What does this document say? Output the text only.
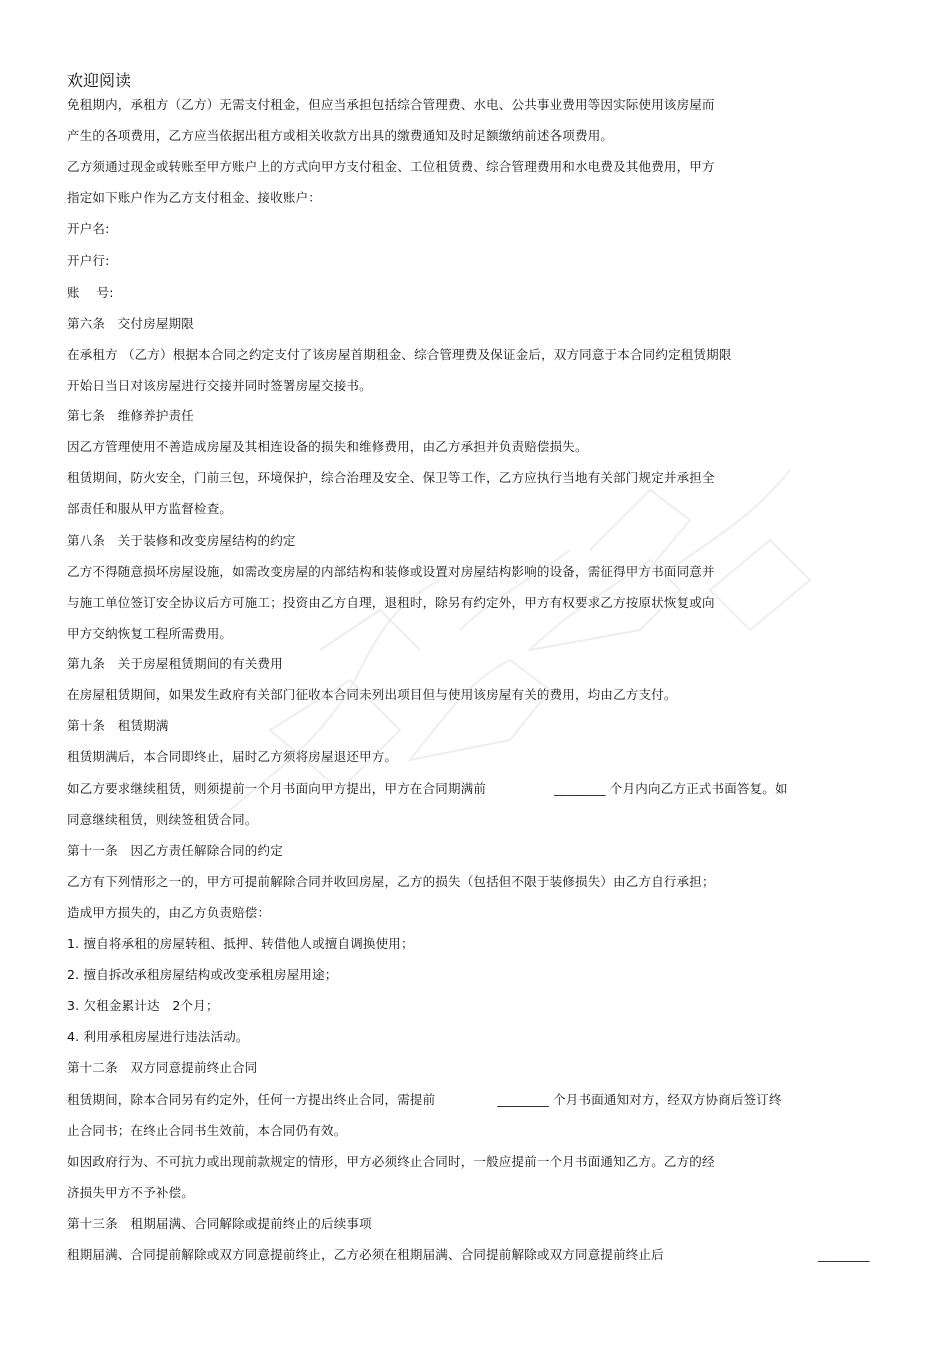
欢迎阅读
免租期内，承租方（乙方）无需支付租金，但应当承担包括综合管理费、水电、公共事业费用等因实际使用该房屋而
产生的各项费用，乙方应当依据出租方或相关收款方出具的缴费通知及时足额缴纳前述各项费用。
乙方须通过现金或转账至甲方账户上的方式向甲方支付租金、工位租赁费、综合管理费用和水电费及其他费用，甲方
指定如下账户作为乙方支付租金、接收账户：
开户名:
开户行:
账　 号:
第六条　交付房屋期限
在承租方 （乙方）根据本合同之约定支付了该房屋首期租金、综合管理费及保证金后，双方同意于本合同约定租赁期限
开始日当日对该房屋进行交接并同时签署房屋交接书。
第七条　维修养护责任
因乙方管理使用不善造成房屋及其相连设备的损失和维修费用，由乙方承担并负责赔偿损失。
租赁期间，防火安全，门前三包，环境保护，综合治理及安全、保卫等工作，乙方应执行当地有关部门规定并承担全
部责任和服从甲方监督检查。
第八条　关于装修和改变房屋结构的约定
乙方不得随意损坏房屋设施，如需改变房屋的内部结构和装修或设置对房屋结构影响的设备，需征得甲方书面同意并
与施工单位签订安全协议后方可施工；投资由乙方自理，退租时，除另有约定外，甲方有权要求乙方按原状恢复或向
甲方交纳恢复工程所需费用。
第九条　关于房屋租赁期间的有关费用
在房屋租赁期间，如果发生政府有关部门征收本合同未列出项目但与使用该房屋有关的费用，均由乙方支付。
第十条　租赁期满
租赁期满后，本合同即终止，届时乙方须将房屋退还甲方。
如乙方要求继续租赁，则须提前一个月书面向甲方提出，甲方在合同期满前	________ 个月内向乙方正式书面答复。如
同意继续租赁，则续签租赁合同。
第十一条　因乙方责任解除合同的约定
乙方有下列情形之一的，甲方可提前解除合同并收回房屋，乙方的损失（包括但不限于装修损失）由乙方自行承担；
造成甲方损失的，由乙方负责赔偿：
1. 擅自将承租的房屋转租、抵押、转借他人或擅自调换使用；
2. 擅自拆改承租房屋结构或改变承租房屋用途；
3. 欠租金累计达　2个月；
4. 利用承租房屋进行违法活动。
第十二条　双方同意提前终止合同
租赁期间，除本合同另有约定外，任何一方提出终止合同，需提前	________ 个月书面通知对方，经双方协商后签订终
止合同书；在终止合同书生效前，本合同仍有效。
如因政府行为、不可抗力或出现前款规定的情形，甲方必须终止合同时，一般应提前一个月书面通知乙方。乙方的经
济损失甲方不予补偿。
第十三条　租期届满、合同解除或提前终止的后续事项
租期届满、合同提前解除或双方同意提前终止，乙方必须在租期届满、合同提前解除或双方同意提前终止后	________
